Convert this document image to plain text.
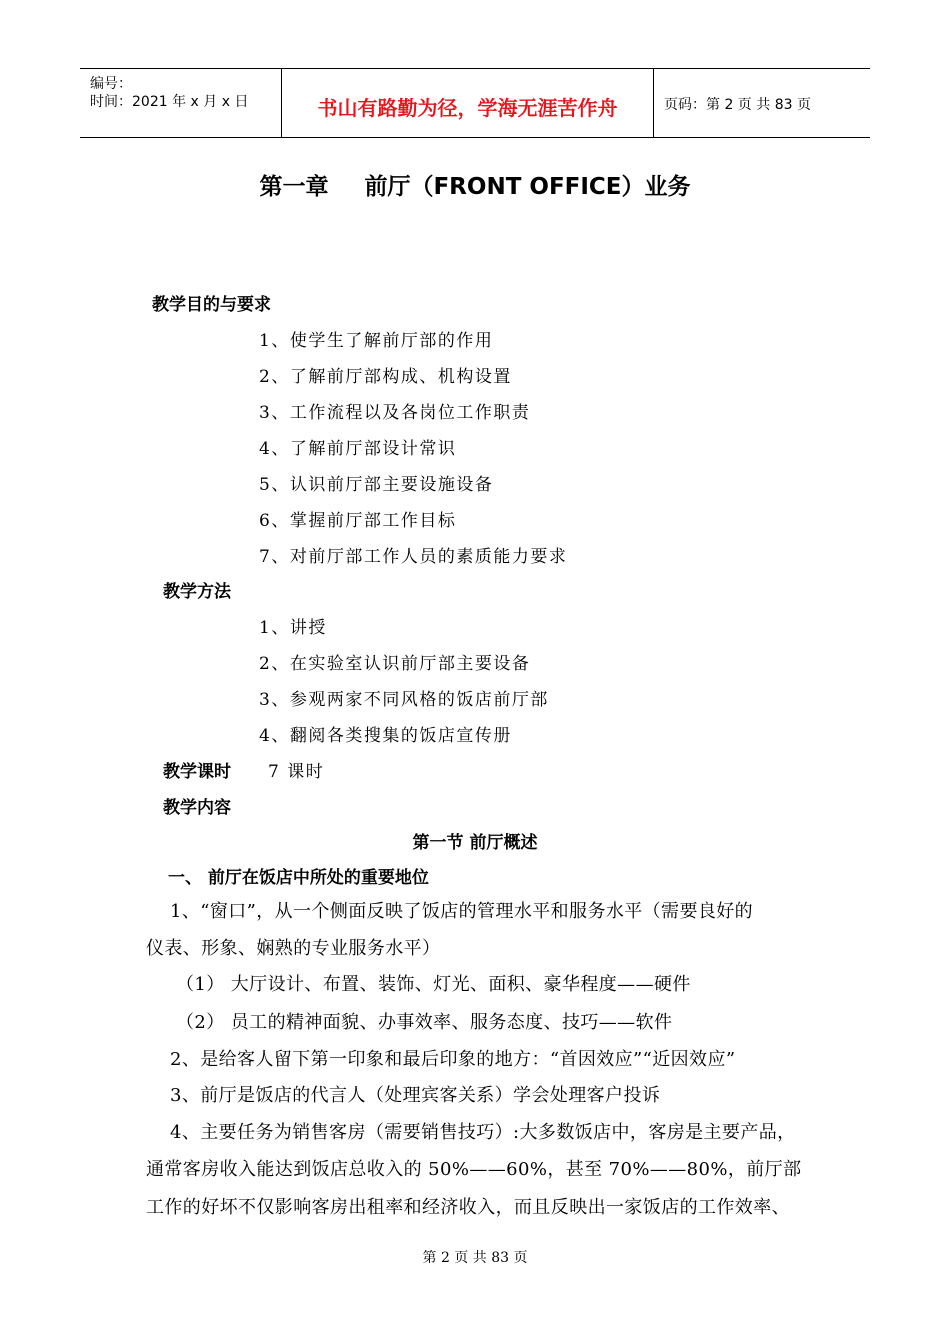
编号：
时间：2021 年 x 月 x 日	书山有路勤为径，学海无涯苦作舟	页码：第 2 页 共 83 页
第一章 前厅（FRONT OFFICE）业务
教学目的与要求
1、使学生了解前厅部的作用
2、了解前厅部构成、机构设置
3、工作流程以及各岗位工作职责
4、了解前厅部设计常识
5、认识前厅部主要设施设备
6、掌握前厅部工作目标
7、对前厅部工作人员的素质能力要求
教学方法
1、讲授
2、在实验室认识前厅部主要设备
3、参观两家不同风格的饭店前厅部
4、翻阅各类搜集的饭店宣传册
教学课时 7 课时
教学内容
第一节 前厅概述
一、 前厅在饭店中所处的重要地位
1、“窗口”，从一个侧面反映了饭店的管理水平和服务水平（需要良好的
仪表、形象、娴熟的专业服务水平）
（1） 大厅设计、布置、装饰、灯光、面积、豪华程度——硬件
（2） 员工的精神面貌、办事效率、服务态度、技巧——软件
2、是给客人留下第一印象和最后印象的地方：“首因效应”“近因效应”
3、前厅是饭店的代言人（处理宾客关系）学会处理客户投诉
4、主要任务为销售客房（需要销售技巧）:大多数饭店中，客房是主要产品，
通常客房收入能达到饭店总收入的 50%——60%，甚至 70%——80%，前厅部
工作的好坏不仅影响客房出租率和经济收入，而且反映出一家饭店的工作效率、
第 2 页 共 83 页
